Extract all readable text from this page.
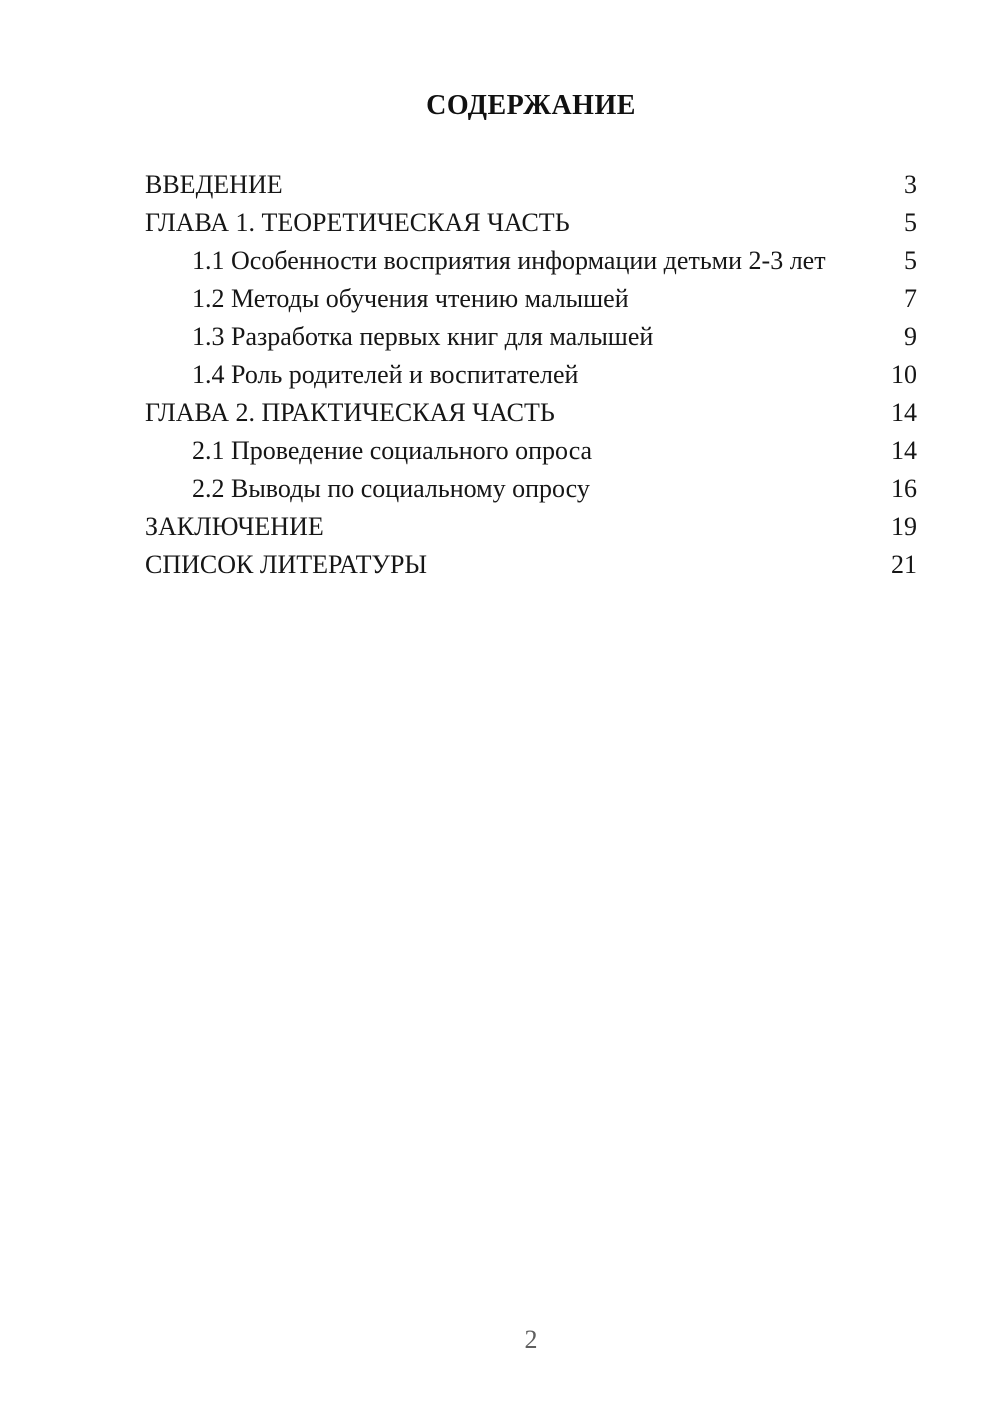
СОДЕРЖАНИЕ
ВВЕДЕНИЕ	3
ГЛАВА 1. ТЕОРЕТИЧЕСКАЯ ЧАСТЬ	5
1.1 Особенности восприятия информации детьми 2-3 лет	5
1.2 Методы обучения чтению малышей	7
1.3 Разработка первых книг для малышей	9
1.4 Роль родителей и воспитателей	10
ГЛАВА 2. ПРАКТИЧЕСКАЯ ЧАСТЬ	14
2.1 Проведение социального опроса	14
2.2 Выводы по социальному опросу	16
ЗАКЛЮЧЕНИЕ	19
СПИСОК ЛИТЕРАТУРЫ	21
2
